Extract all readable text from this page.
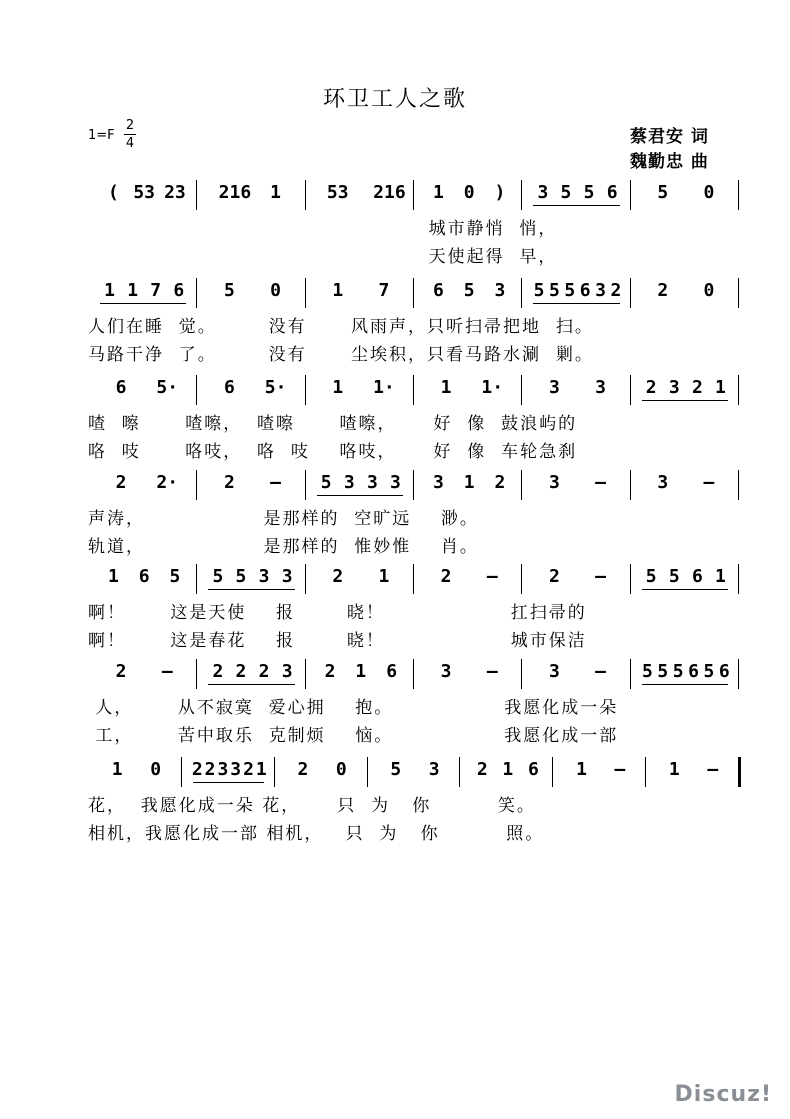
环卫工人之歌
1=F
2
4	蔡君安 词
魏勤忠 曲
( 53 23 216	1	53 216	1	0	)	3 5 5 6	5	0
城市静悄  悄，
天使起得  早，
1 1 7 6	5	0	1	7	6	5	3	5 5 5 6 3 2	2	0
人们在睡  觉。       没有      风雨声，只听扫帚把地  扫。
马路干净  了。       没有      尘埃积，只看马路水涮  剿。
6	5·	6	5·	1	1·	1	1·	3	3	2 3 2 1
喳  嚓      喳嚓，  喳嚓      喳嚓，     好  像  鼓浪屿的
咯  吱      咯吱，  咯  吱    咯吱，     好  像  车轮急刹
2	2·	2	–	5 3 3 3	3	1	2	3	–	3	–
声涛，                是那样的  空旷远    渺。
轨道，                是那样的  惟妙惟    肖。
1	6	5	5 5 3 3	2	1	2	–	2	–	5 5 6 1
啊！      这是天使    报       晓！                 扛扫帚的
啊！      这是春花    报       晓！                 城市保洁
2	–	2 2 2 3	2	1	6	3	–	3	–	5 5 5 6 5 6
人，      从不寂寞  爱心拥    抱。               我愿化成一朵
工，      苦中取乐  克制烦    恼。               我愿化成一部
1	0	2 2 3 3 2 1	2	0	5	3	2 1 6	1	–	1	–
花，  我愿化成一朵 花，     只  为   你         笑。
相机，我愿化成一部 相机，   只  为   你         照。
Discuz!
